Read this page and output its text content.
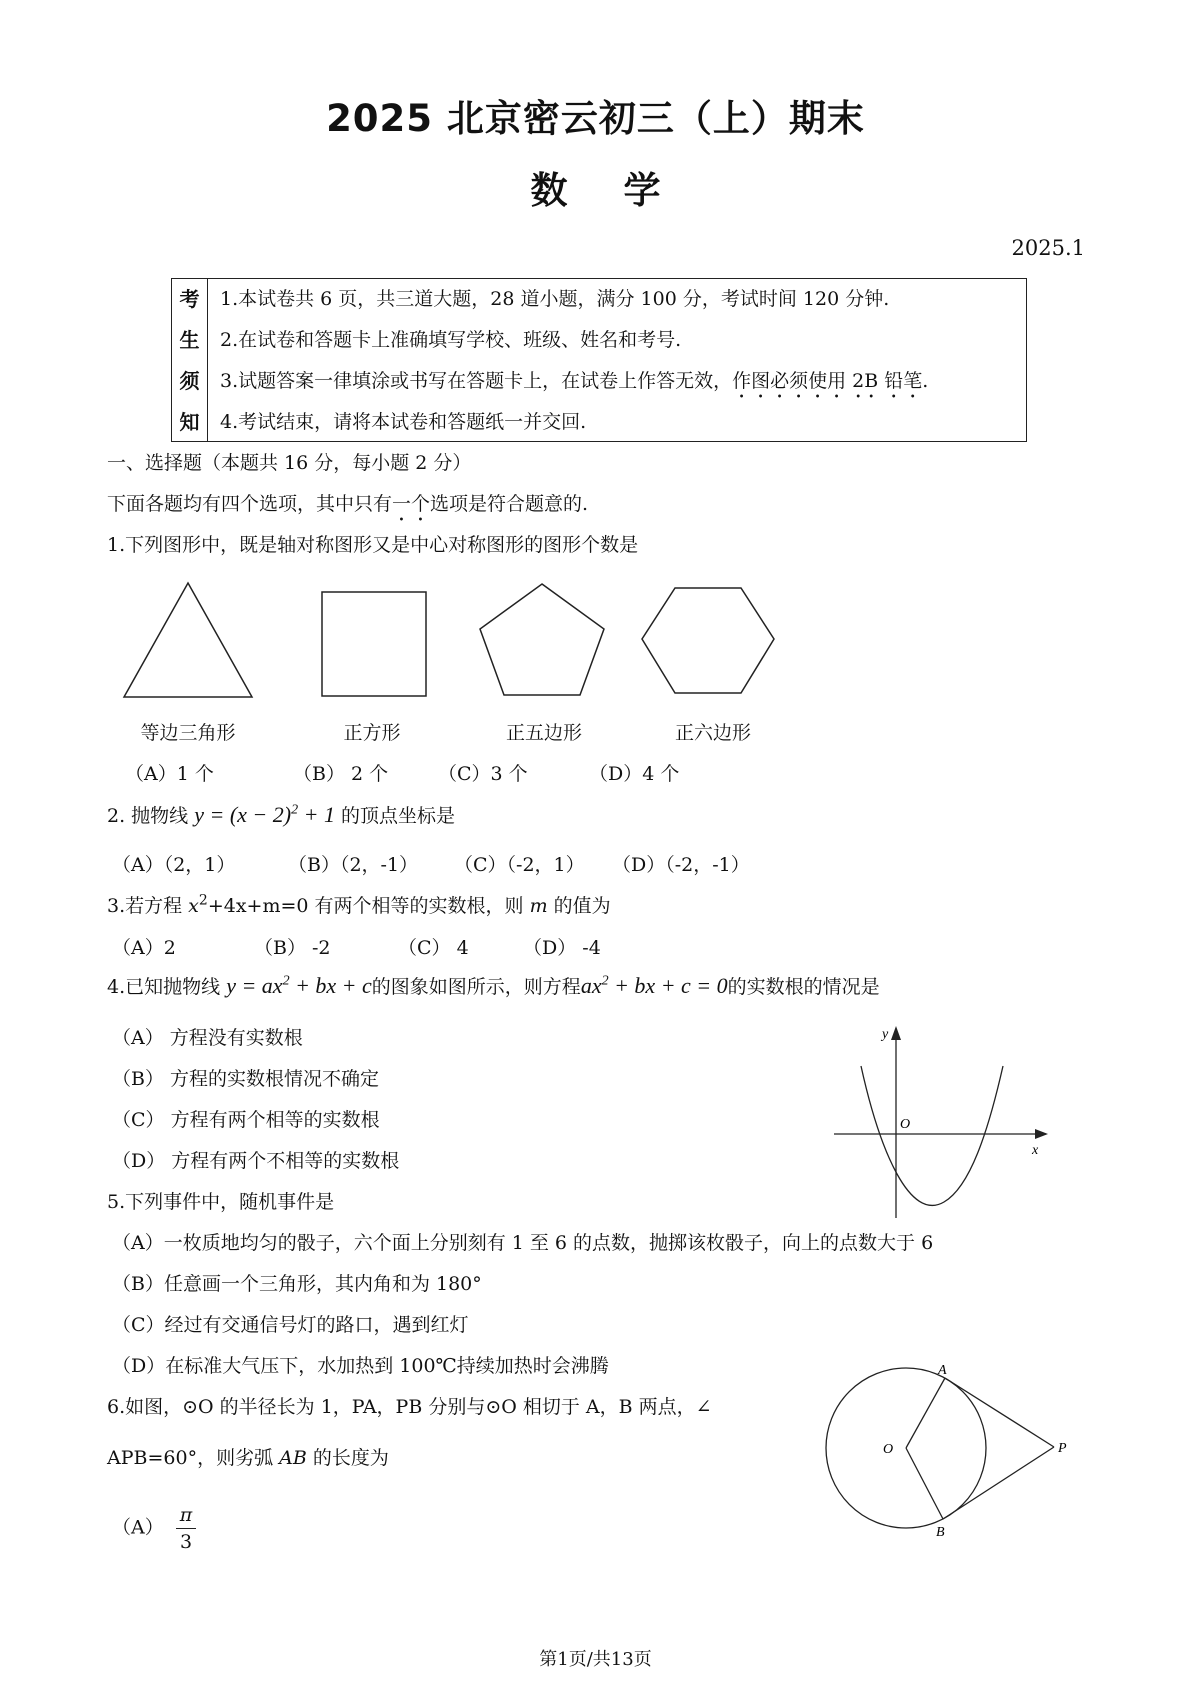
2025 北京密云初三（上）期末
数 学
2025.1
考
生
须
知
1.本试卷共 6 页，共三道大题，28 道小题，满分 100 分，考试时间 120 分钟.
2.在试卷和答题卡上准确填写学校、班级、姓名和考号.
3.试题答案一律填涂或书写在答题卡上，在试卷上作答无效，作图必须使用 2B 铅笔.
4.考试结束，请将本试卷和答题纸一并交回.
一、选择题（本题共 16 分，每小题 2 分）
下面各题均有四个选项，其中只有一个选项是符合题意的.
1.下列图形中，既是轴对称图形又是中心对称图形的图形个数是
等边三角形	正方形	正五边形	正六边形
（A）1 个	（B） 2 个	（C）3 个	（D）4 个
2. 抛物线 $y = (x - 2)^2 + 1$ 的顶点坐标是
（A）（2，1）	（B）（2，-1） （C）（-2，1） （D）（-2，-1）
3.若方程 $x^2+4x+m=0$ 有两个相等的实数根，则 m 的值为
（A）2	（B） -2	（C） 4	（D） -4
4.已知抛物线 $y = ax^2$ + bx + c的图象如图所示，则方程$ax^2$ + bx + c = 0的实数根的情况是
（A） 方程没有实数根
（B） 方程的实数根情况不确定
（C） 方程有两个相等的实数根
（D） 方程有两个不相等的实数根
y
x
O
5.下列事件中，随机事件是
（A）一枚质地均匀的骰子，六个面上分别刻有 1 至 6 的点数，抛掷该枚骰子，向上的点数大于 6
（B）任意画一个三角形，其内角和为 180°
（C）经过有交通信号灯的路口，遇到红灯
（D）在标准大气压下，水加热到 100℃持续加热时会沸腾
6.如图，⊙O 的半径长为 1，PA，PB 分别与⊙O 相切于 A，B 两点，∠
APB=60°，则劣弧 AB 的长度为
$(A) \frac{\pi}{3}$
A
B
O	P
第1页/共13页
